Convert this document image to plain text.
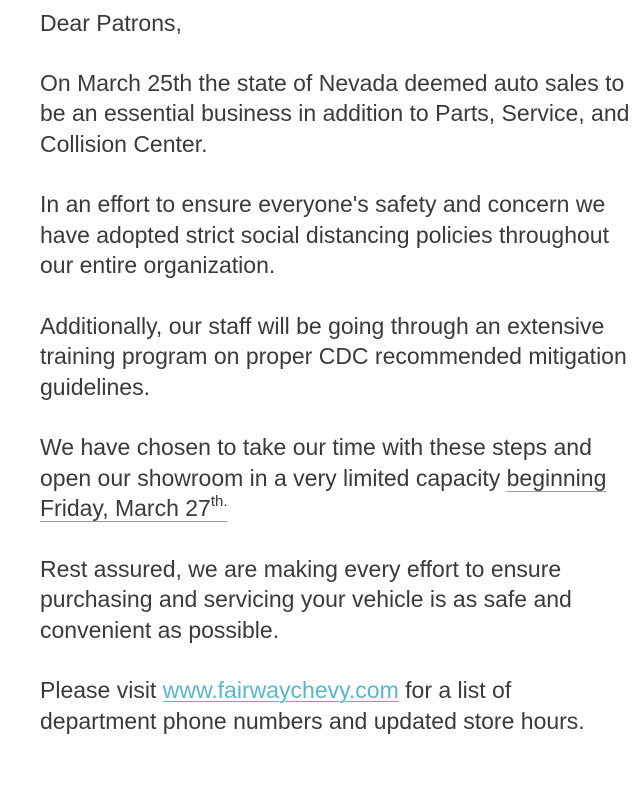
Dear Patrons,

On March 25th the state of Nevada deemed auto sales to be an essential business in addition to Parts, Service, and Collision Center.

In an effort to ensure everyone's safety and concern we have adopted strict social distancing policies throughout our entire organization.

Additionally, our staff will be going through an extensive training program on proper CDC recommended mitigation guidelines.

We have chosen to take our time with these steps and open our showroom in a very limited capacity beginning Friday, March $27^{th.}$

Rest assured, we are making every effort to ensure purchasing and servicing your vehicle is as safe and convenient as possible.

Please visit www.fairwaychevy.com for a list of department phone numbers and updated store hours.
